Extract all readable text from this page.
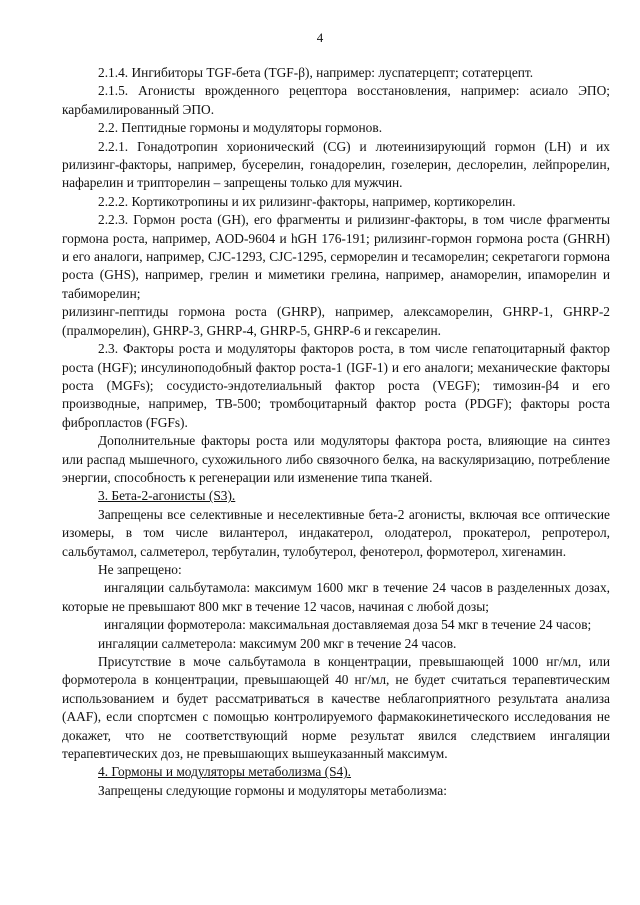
4

2.1.4. Ингибиторы TGF-бета (TGF-β), например: луспатерцепт; сотатерцепт.

2.1.5. Агонисты врожденного рецептора восстановления, например: асиало ЭПО; карбамилированный ЭПО.

2.2. Пептидные гормоны и модуляторы гормонов.

2.2.1. Гонадотропин хорионический (CG) и лютеинизирующий гормон (LH) и их рилизинг-факторы, например, бусерелин, гонадорелин, гозелерин, деслорелин, лейпрорелин, нафарелин и трипторелин – запрещены только для мужчин.

2.2.2. Кортикотропины и их рилизинг-факторы, например, кортикорелин.

2.2.3. Гормон роста (GH), его фрагменты и рилизинг-факторы, в том числе фрагменты гормона роста, например, AOD-9604 и hGH 176-191; рилизинг-гормон гормона роста (GHRH) и его аналоги, например, CJC-1293, CJC-1295, серморелин и тесаморелин; секретагоги гормона роста (GHS), например, грелин и миметики грелина, например, анаморелин, ипаморелин и табиморелин;

рилизинг-пептиды гормона роста (GHRP), например, алексаморелин, GHRP-1, GHRP-2 (пралморелин), GHRP-3, GHRP-4, GHRP-5, GHRP-6 и гексарелин.

2.3. Факторы роста и модуляторы факторов роста, в том числе гепатоцитарный фактор роста (HGF); инсулиноподобный фактор роста-1 (IGF-1) и его аналоги; механические факторы роста (MGFs); сосудисто-эндотелиальный фактор роста (VEGF); тимозин-β4 и его производные, например, ТВ-500; тромбоцитарный фактор роста (PDGF); факторы роста фибропластов (FGFs).

Дополнительные факторы роста или модуляторы фактора роста, влияющие на синтез или распад мышечного, сухожильного либо связочного белка, на васкуляризацию, потребление энергии, способность к регенерации или изменение типа тканей.

3. Бета-2-агонисты (S3).

Запрещены все селективные и неселективные бета-2 агонисты, включая все оптические изомеры, в том числе вилантерол, индакатерол, олодатерол, прокатерол, репротерол, сальбутамол, салметерол, тербуталин, тулобутерол, фенотерол, формотерол, хигенамин.

Не запрещено:

ингаляции сальбутамола: максимум 1600 мкг в течение 24 часов в разделенных дозах, которые не превышают 800 мкг в течение 12 часов, начиная с любой дозы;

ингаляции формотерола: максимальная доставляемая доза 54 мкг в течение 24 часов;

ингаляции салметерола: максимум 200 мкг в течение 24 часов.

Присутствие в моче сальбутамола в концентрации, превышающей 1000 нг/мл, или формотерола в концентрации, превышающей 40 нг/мл, не будет считаться терапевтическим использованием и будет рассматриваться в качестве неблагоприятного результата анализа (AAF), если спортсмен с помощью контролируемого фармакокинетического исследования не докажет, что не соответствующий норме результат явился следствием ингаляции терапевтических доз, не превышающих вышеуказанный максимум.

4. Гормоны и модуляторы метаболизма (S4).

Запрещены следующие гормоны и модуляторы метаболизма:
